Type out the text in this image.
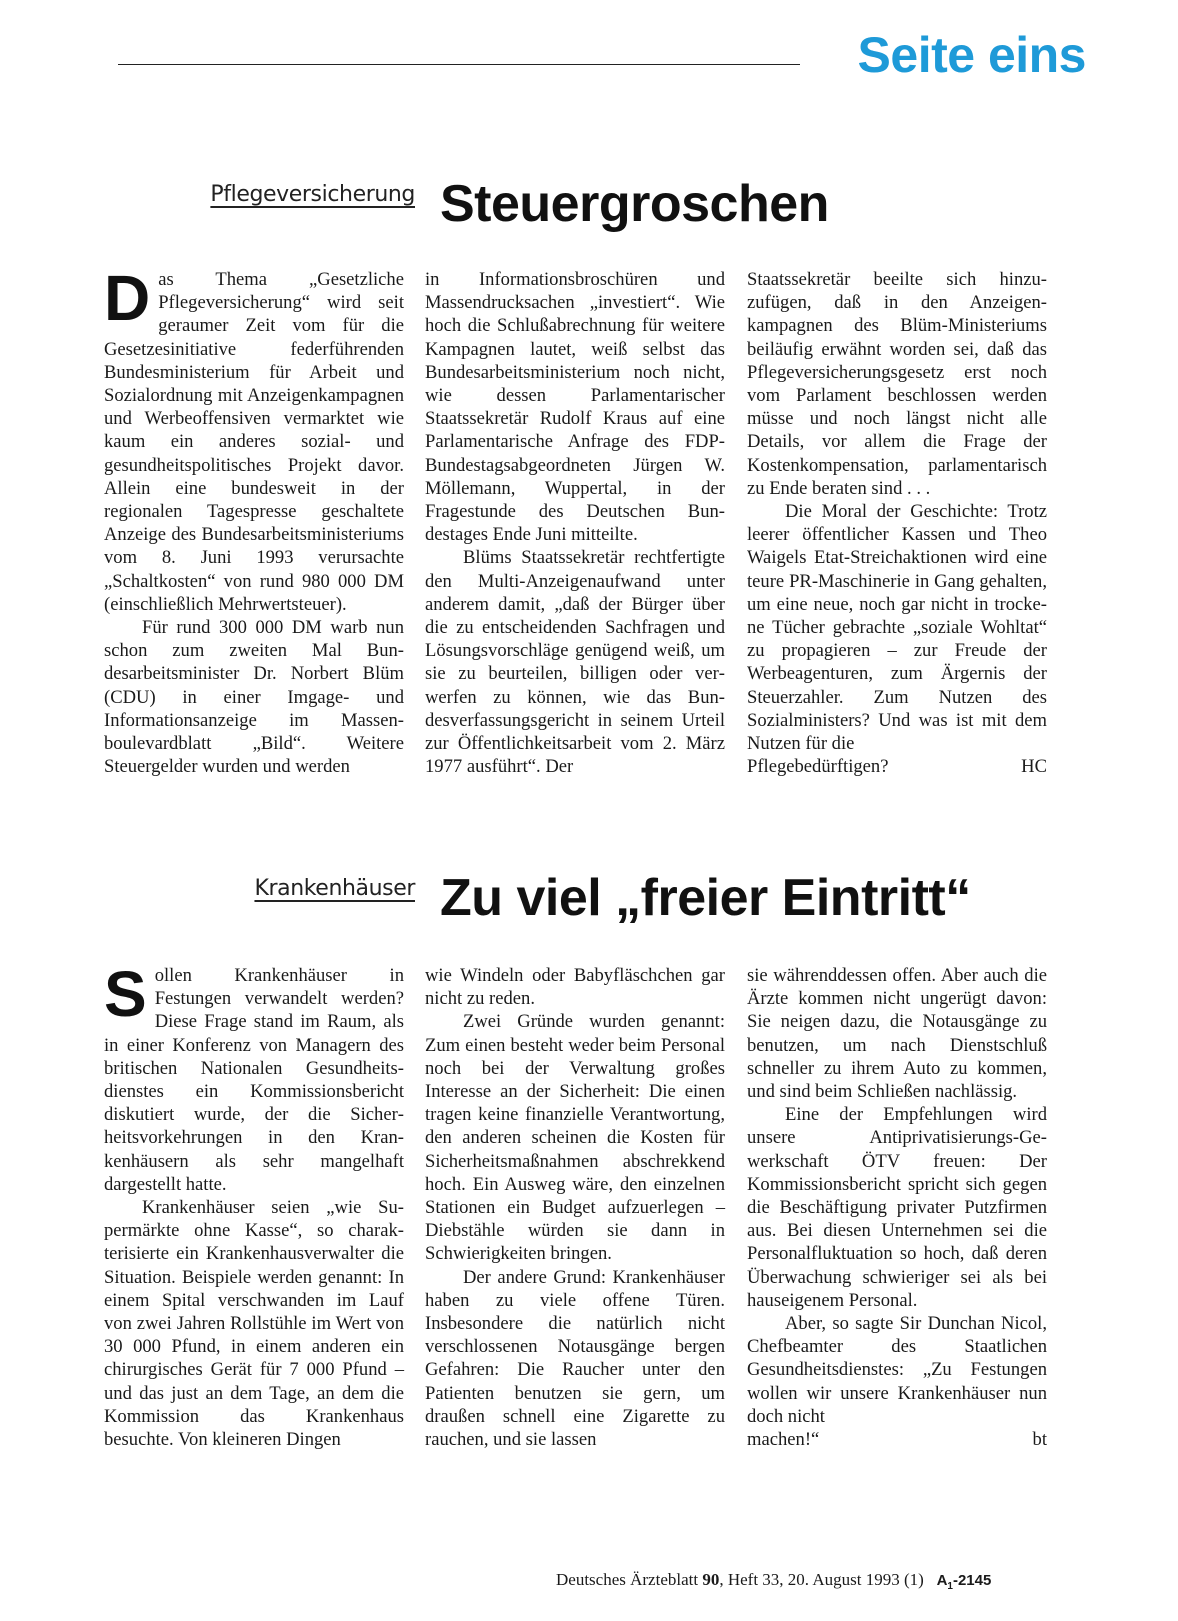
Seite eins
Pflegeversicherung Steuergroschen

Das Thema „Gesetzliche Pflegeversicherung“ wird seit geraumer Zeit vom für die Gesetzesinitiative federführenden Bundesministerium für Arbeit und Sozialordnung mit Anzeigenkampagnen und Werbeoffensiven vermarktet wie kaum ein anderes sozial- und gesundheitspolitisches Projekt davor. Allein eine bundesweit in der regionalen Tagespresse geschaltete Anzeige des Bundesarbeitsministeriums vom 8. Juni 1993 verursachte „Schaltkosten“ von rund 980 000 DM (einschließlich Mehrwertsteuer).

Für rund 300 000 DM warb nun schon zum zweiten Mal Bundesarbeitsminister Dr. Norbert Blüm (CDU) in einer Imgage- und Informationsanzeige im Massenboulevardblatt „Bild“. Weitere Steuergelder wurden und werden

in Informationsbroschüren und Massendrucksachen „investiert“. Wie hoch die Schlußabrechnung für weitere Kampagnen lautet, weiß selbst das Bundesarbeitsministerium noch nicht, wie dessen Parlamentarischer Staatssekretär Rudolf Kraus auf eine Parlamentarische Anfrage des FDP-Bundestagsabgeordneten Jürgen W. Möllemann, Wuppertal, in der Fragestunde des Deutschen Bundestages Ende Juni mitteilte.

Blüms Staatssekretär rechtfertigte den Multi-Anzeigenaufwand unter anderem damit, „daß der Bürger über die zu entscheidenden Sachfragen und Lösungsvorschläge genügend weiß, um sie zu beurteilen, billigen oder verwerfen zu können, wie das Bundesverfassungsgericht in seinem Urteil zur Öffentlichkeitsarbeit vom 2. März 1977 ausführt“. Der

Staatssekretär beeilte sich hinzuzufügen, daß in den Anzeigenkampagnen des Blüm-Ministeriums beiläufig erwähnt worden sei, daß das Pflegeversicherungsgesetz erst noch vom Parlament beschlossen werden müsse und noch längst nicht alle Details, vor allem die Frage der Kostenkompensation, parlamentarisch zu Ende beraten sind . . .

Die Moral der Geschichte: Trotz leerer öffentlicher Kassen und Theo Waigels Etat-Streichaktionen wird eine teure PR-Maschinerie in Gang gehalten, um eine neue, noch gar nicht in trockene Tücher gebrachte „soziale Wohltat“ zu propagieren – zur Freude der Werbeagenturen, zum Ärgernis der Steuerzahler. Zum Nutzen des Sozialministers? Und was ist mit dem Nutzen für die

Pflegebedürftigen?	HC
Krankenhäuser Zu viel „freier Eintritt“

Sollen Krankenhäuser in Festungen verwandelt werden? Diese Frage stand im Raum, als in einer Konferenz von Managern des britischen Nationalen Gesundheitsdienstes ein Kommissionsbericht diskutiert wurde, der die Sicherheitsvorkehrungen in den Krankenhäusern als sehr mangelhaft dargestellt hatte.

Krankenhäuser seien „wie Supermärkte ohne Kasse“, so charakterisierte ein Krankenhausverwalter die Situation. Beispiele werden genannt: In einem Spital verschwanden im Lauf von zwei Jahren Rollstühle im Wert von 30 000 Pfund, in einem anderen ein chirurgisches Gerät für 7 000 Pfund – und das just an dem Tage, an dem die Kommission das Krankenhaus besuchte. Von kleineren Dingen

wie Windeln oder Babyfläschchen gar nicht zu reden.

Zwei Gründe wurden genannt: Zum einen besteht weder beim Personal noch bei der Verwaltung großes Interesse an der Sicherheit: Die einen tragen keine finanzielle Verantwortung, den anderen scheinen die Kosten für Sicherheitsmaßnahmen abschrekkend hoch. Ein Ausweg wäre, den einzelnen Stationen ein Budget aufzuerlegen – Diebstähle würden sie dann in Schwierigkeiten bringen.

Der andere Grund: Krankenhäuser haben zu viele offene Türen. Insbesondere die natürlich nicht verschlossenen Notausgänge bergen Gefahren: Die Raucher unter den Patienten benutzen sie gern, um draußen schnell eine Zigarette zu rauchen, und sie lassen

sie währenddessen offen. Aber auch die Ärzte kommen nicht ungerügt davon: Sie neigen dazu, die Notausgänge zu benutzen, um nach Dienstschluß schneller zu ihrem Auto zu kommen, und sind beim Schließen nachlässig.

Eine der Empfehlungen wird unsere Antiprivatisierungs-Gewerkschaft ÖTV freuen: Der Kommissionsbericht spricht sich gegen die Beschäftigung privater Putzfirmen aus. Bei diesen Unternehmen sei die Personalfluktuation so hoch, daß deren Überwachung schwieriger sei als bei hauseigenem Personal.

Aber, so sagte Sir Dunchan Nicol, Chefbeamter des Staatlichen Gesundheitsdienstes: „Zu Festungen wollen wir unsere Krankenhäuser nun doch nicht

machen!“	bt
Deutsches Ärzteblatt 90, Heft 33, 20. August 1993 (1) $A_1-2145$
